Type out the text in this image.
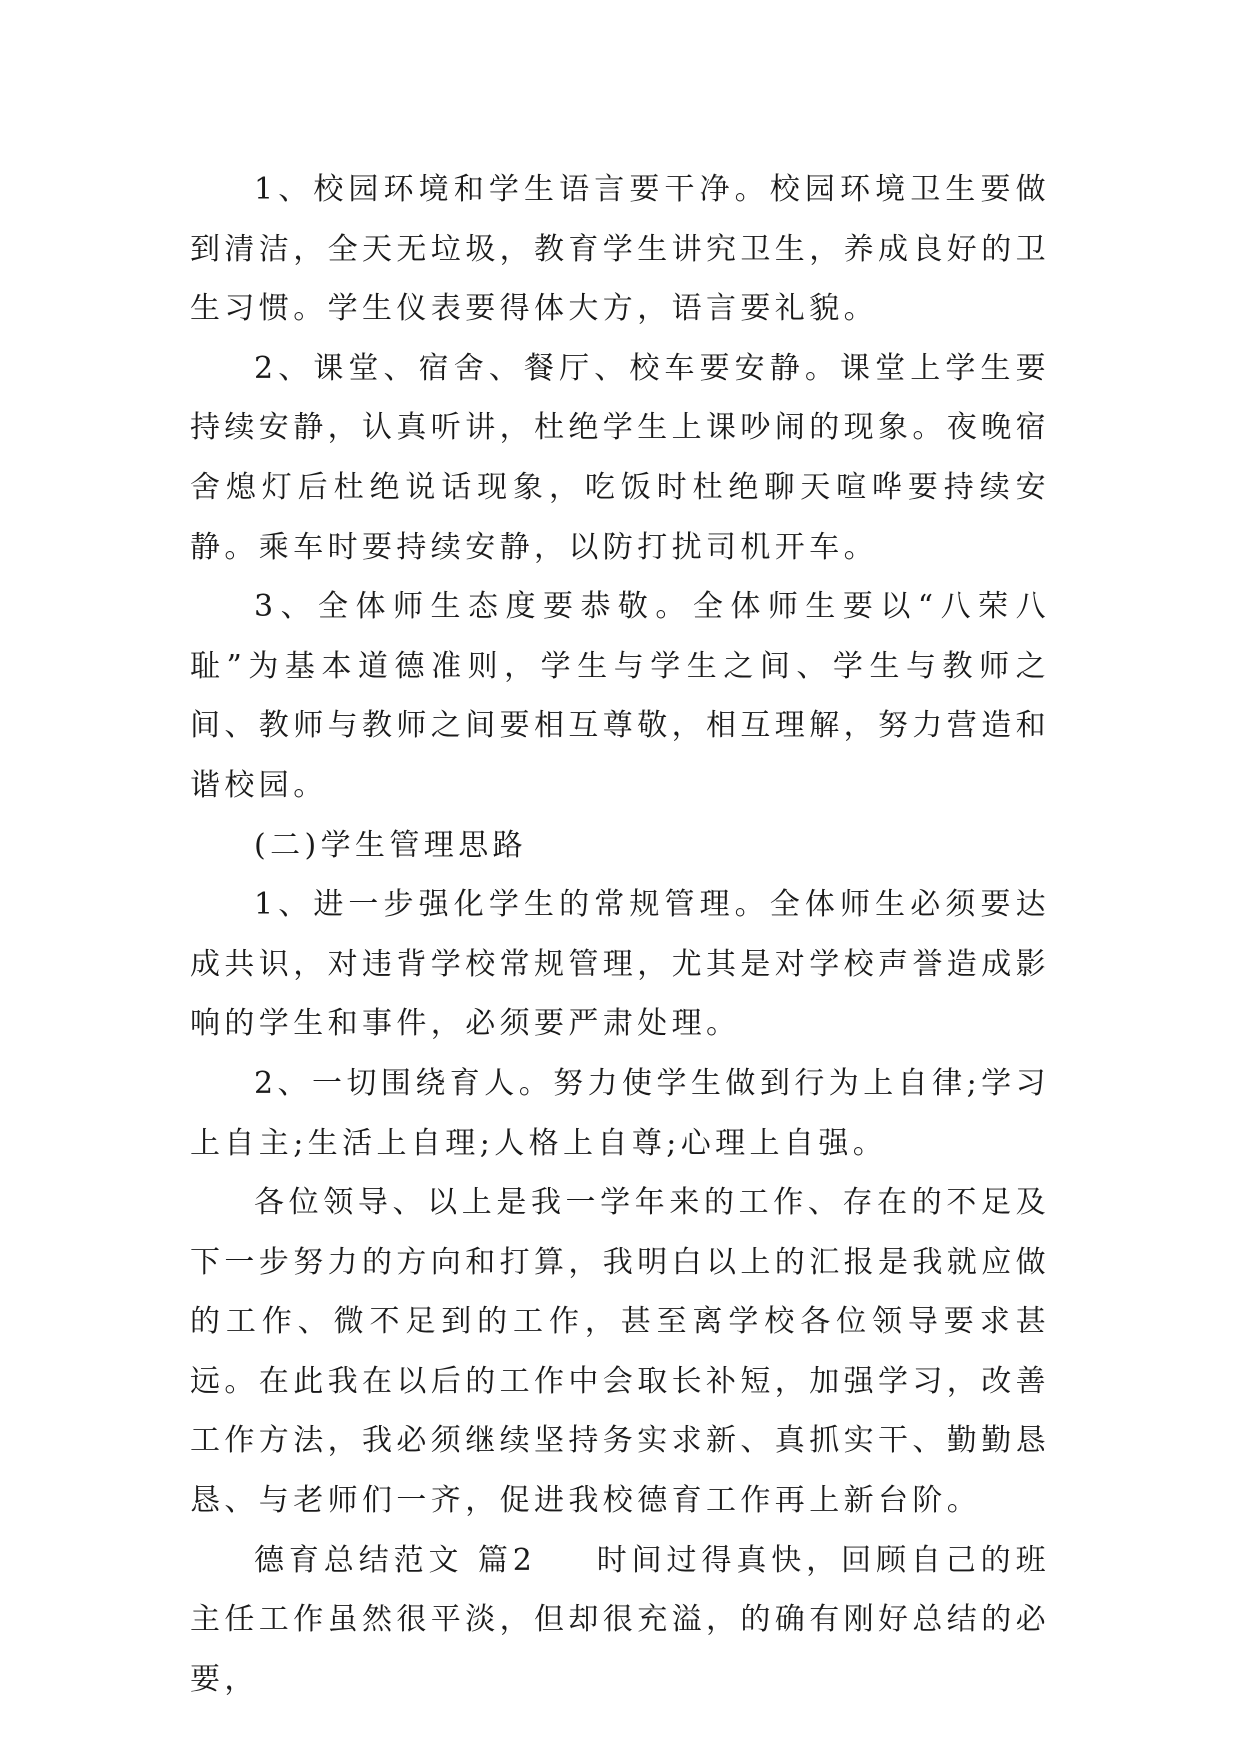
1、校园环境和学生语言要干净。校园环境卫生要做到清洁，全天无垃圾，教育学生讲究卫生，养成良好的卫生习惯。学生仪表要得体大方，语言要礼貌。

2、课堂、宿舍、餐厅、校车要安静。课堂上学生要持续安静，认真听讲，杜绝学生上课吵闹的现象。夜晚宿舍熄灯后杜绝说话现象，吃饭时杜绝聊天喧哗要持续安静。乘车时要持续安静，以防打扰司机开车。

3、全体师生态度要恭敬。全体师生要以“八荣八耻”为基本道德准则，学生与学生之间、学生与教师之间、教师与教师之间要相互尊敬，相互理解，努力营造和谐校园。

(二)学生管理思路

1、进一步强化学生的常规管理。全体师生必须要达成共识，对违背学校常规管理，尤其是对学校声誉造成影响的学生和事件，必须要严肃处理。

2、一切围绕育人。努力使学生做到行为上自律;学习上自主;生活上自理;人格上自尊;心理上自强。

各位领导、以上是我一学年来的工作、存在的不足及下一步努力的方向和打算，我明白以上的汇报是我就应做的工作、微不足到的工作，甚至离学校各位领导要求甚远。在此我在以后的工作中会取长补短，加强学习，改善工作方法，我必须继续坚持务实求新、真抓实干、勤勤恳恳、与老师们一齐，促进我校德育工作再上新台阶。

德育总结范文 篇2 时间过得真快，回顾自己的班主任工作虽然很平淡，但却很充溢，的确有刚好总结的必要，
